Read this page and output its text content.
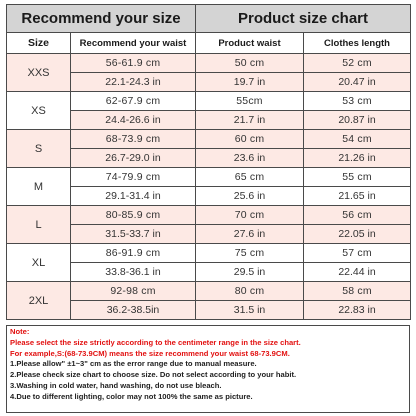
Recommend your size		Product size chart	
Size	Recommend your waist	Product waist	Clothes length
XXS	56-61.9 cm	50 cm	52 cm
	22.1-24.3 in	19.7 in	20.47 in
XS	62-67.9 cm	55cm	53 cm
	24.4-26.6 in	21.7 in	20.87 in
S	68-73.9 cm	60 cm	54 cm
	26.7-29.0 in	23.6 in	21.26 in
M	74-79.9 cm	65 cm	55 cm
	29.1-31.4 in	25.6 in	21.65 in
L	80-85.9 cm	70 cm	56 cm
	31.5-33.7 in	27.6 in	22.05 in
XL	86-91.9 cm	75 cm	57 cm
	33.8-36.1 in	29.5 in	22.44 in
2XL	92-98 cm	80 cm	58 cm
	36.2-38.5in	31.5 in	22.83 in
Note:
Please select the size strictly according to the centimeter range in the size chart.
For example,S:(68-73.9CM) means the size recommend your waist 68-73.9CM.
1.Please allow" ±1~3" cm as the error range due to manual measure.
2.Please check size chart to choose size. Do not select according to your habit.
3.Washing in cold water, hand washing, do not use bleach.
4.Due to different lighting, color may not 100% the same as picture.
